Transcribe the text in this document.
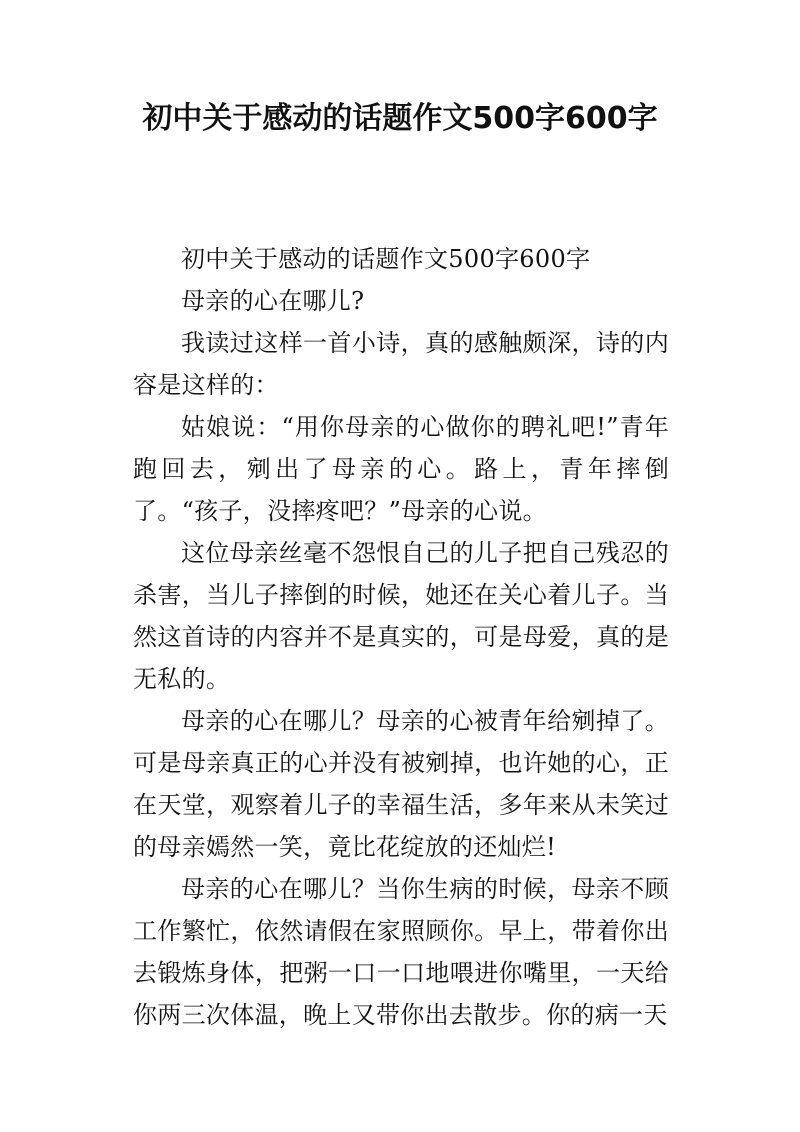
初中关于感动的话题作文500字600字

初中关于感动的话题作文500字600字

母亲的心在哪儿?

我读过这样一首小诗，真的感触颇深，诗的内容是这样的：

姑娘说：“用你母亲的心做你的聘礼吧!”青年跑回去，剜出了母亲的心。路上，青年摔倒了。“孩子，没摔疼吧？”母亲的心说。

这位母亲丝毫不怨恨自己的儿子把自己残忍的杀害，当儿子摔倒的时候，她还在关心着儿子。当然这首诗的内容并不是真实的，可是母爱，真的是无私的。

母亲的心在哪儿？母亲的心被青年给剜掉了。可是母亲真正的心并没有被剜掉，也许她的心，正在天堂，观察着儿子的幸福生活，多年来从未笑过的母亲嫣然一笑，竟比花绽放的还灿烂!

母亲的心在哪儿？当你生病的时候，母亲不顾工作繁忙，依然请假在家照顾你。早上，带着你出去锻炼身体，把粥一口一口地喂进你嘴里，一天给你两三次体温，晚上又带你出去散步。你的病一天
